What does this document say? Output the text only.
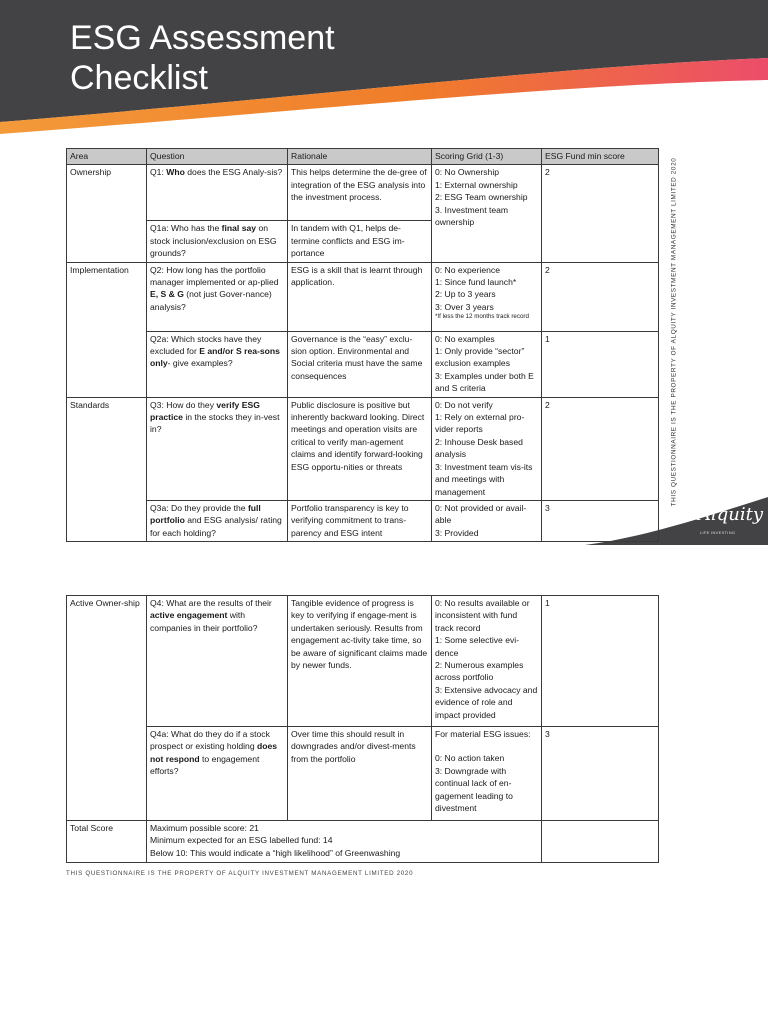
ESG Assessment
Checklist
THIS QUESTIONNAIRE IS THE PROPERTY OF ALQUITY INVESTMENT MANAGEMENT LIMITED 2020
Alquity
LIFE INVESTING
Area	Question	Rationale	Scoring Grid (1-3)	ESG Fund min score
Ownership	Q1: Who does the ESG Analy-sis?	This helps determine the de-gree of integration of the ESG analysis into the investment process.	0: No Ownership
1: External ownership
2: ESG Team ownership
3. Investment team ownership	2
	Q1a: Who has the final say on stock inclusion/exclusion on ESG grounds?	In tandem with Q1, helps de-termine conflicts and ESG im-portance		
Implementation	Q2: How long has the portfolio manager implemented or ap-plied E, S & G (not just Gover-nance) analysis?	ESG is a skill that is learnt through application.	0: No experience
1: Since fund launch*
2: Up to 3 years
3: Over 3 years
*If less the 12 months track record	2
	Q2a: Which stocks have they excluded for E and/or S rea-sons only- give examples?	Governance is the “easy” exclu-sion option. Environmental and Social criteria must have the same consequences	0: No examples
1: Only provide “sector” exclusion examples
3: Examples under both E and S criteria	1
Standards	Q3: How do they verify ESG practice in the stocks they in-vest in?	Public disclosure is positive but inherently backward looking. Direct meetings and operation visits are critical to verify man-agement claims and identify forward-looking ESG opportu-nities or threats	0: Do not verify
1: Rely on external pro-vider reports
2: Inhouse Desk based analysis
3: Investment team vis-its and meetings with management	2
	Q3a: Do they provide the full portfolio and ESG analysis/ rating for each holding?	Portfolio transparency is key to verifying commitment to trans-parency and ESG intent	0: Not provided or avail-able
3: Provided	3
Active Owner-ship	Q4: What are the results of their active engagement with companies in their portfolio?	Tangible evidence of progress is key to verifying if engage-ment is undertaken seriously. Results from engagement ac-tivity take time, so be aware of significant claims made by newer funds.	0: No results available or inconsistent with fund track record
1: Some selective evi-dence
2: Numerous examples across portfolio
3: Extensive advocacy and evidence of role and impact provided	1
	Q4a: What do they do if a stock prospect or existing holding does not respond to engagement efforts?	Over time this should result in downgrades and/or divest-ments from the portfolio	For material ESG issues:
0: No action taken
3: Downgrade with continual lack of en-gagement leading to divestment	3
Total Score	Maximum possible score: 21
Minimum expected for an ESG labelled fund: 14
Below 10: This would indicate a “high likelihood” of Greenwashing			

THIS QUESTIONNAIRE IS THE PROPERTY OF ALQUITY INVESTMENT MANAGEMENT LIMITED 2020
